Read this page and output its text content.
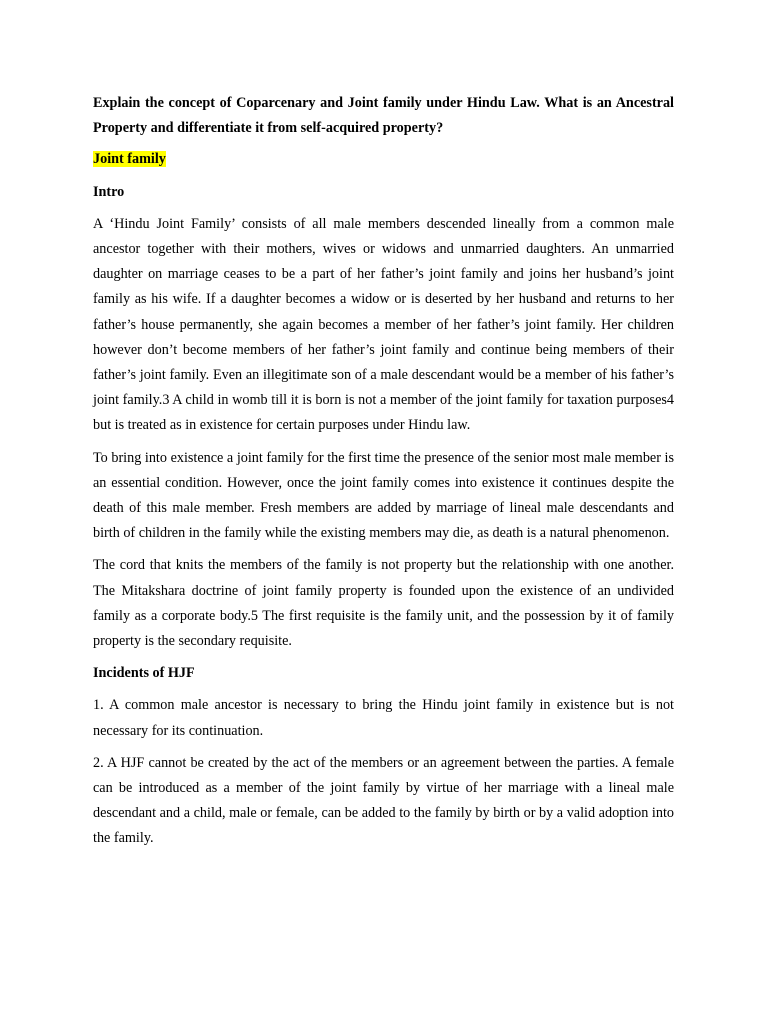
Explain the concept of Coparcenary and Joint family under Hindu Law. What is an Ancestral Property and differentiate it from self-acquired property?

Joint family

Intro

A ‘Hindu Joint Family’ consists of all male members descended lineally from a common male ancestor together with their mothers, wives or widows and unmarried daughters. An unmarried daughter on marriage ceases to be a part of her father’s joint family and joins her husband’s joint family as his wife. If a daughter becomes a widow or is deserted by her husband and returns to her father’s house permanently, she again becomes a member of her father’s joint family. Her children however don’t become members of her father’s joint family and continue being members of their father’s joint family. Even an illegitimate son of a male descendant would be a member of his father’s joint family.3 A child in womb till it is born is not a member of the joint family for taxation purposes4 but is treated as in existence for certain purposes under Hindu law.

To bring into existence a joint family for the first time the presence of the senior most male member is an essential condition. However, once the joint family comes into existence it continues despite the death of this male member. Fresh members are added by marriage of lineal male descendants and birth of children in the family while the existing members may die, as death is a natural phenomenon.

The cord that knits the members of the family is not property but the relationship with one another. The Mitakshara doctrine of joint family property is founded upon the existence of an undivided family as a corporate body.5 The first requisite is the family unit, and the possession by it of family property is the secondary requisite.

Incidents of HJF

1. A common male ancestor is necessary to bring the Hindu joint family in existence but is not necessary for its continuation.

2. A HJF cannot be created by the act of the members or an agreement between the parties. A female can be introduced as a member of the joint family by virtue of her marriage with a lineal male descendant and a child, male or female, can be added to the family by birth or by a valid adoption into the family.
